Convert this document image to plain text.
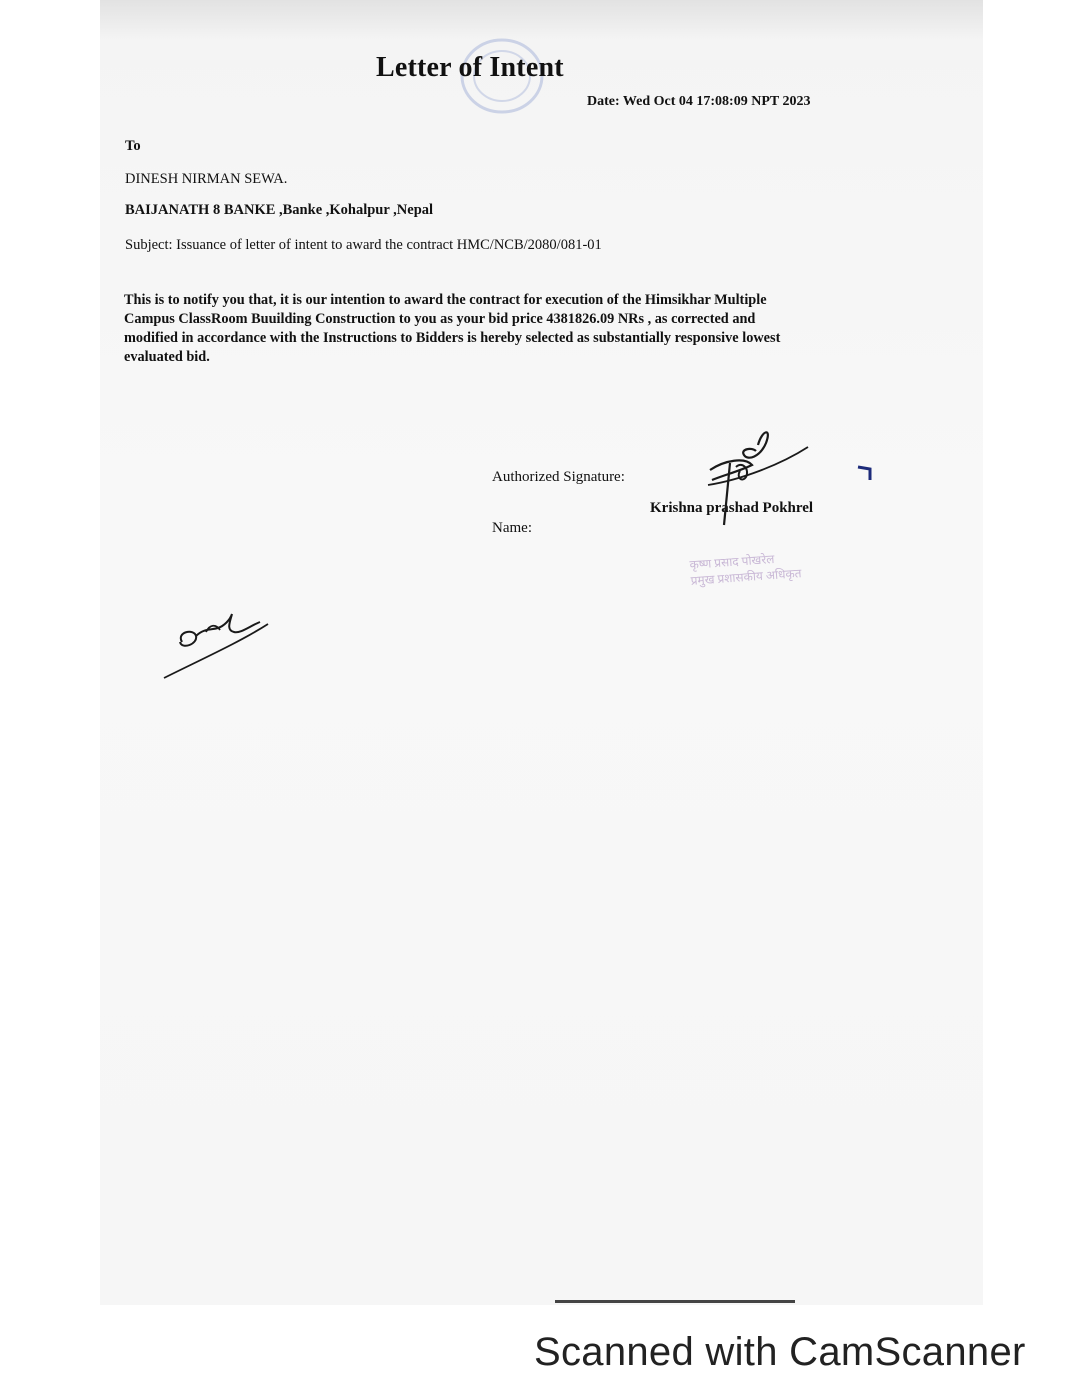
Letter of Intent
Date: Wed Oct 04 17:08:09 NPT 2023
To
DINESH NIRMAN SEWA.
BAIJANATH 8 BANKE ,Banke ,Kohalpur ,Nepal
Subject: Issuance of letter of intent to award the contract HMC/NCB/2080/081-01
This is to notify you that, it is our intention to award the contract for execution of the Himsikhar Multiple
Campus ClassRoom Buuilding Construction to you as your bid price 4381826.09 NRs , as corrected and
modified in accordance with the Instructions to Bidders is hereby selected as substantially responsive lowest
evaluated bid.
Authorized Signature:
Name:
Krishna prashad Pokhrel
कृष्ण प्रसाद पोखरेल
प्रमुख प्रशासकीय अधिकृत
Scanned with CamScanner
